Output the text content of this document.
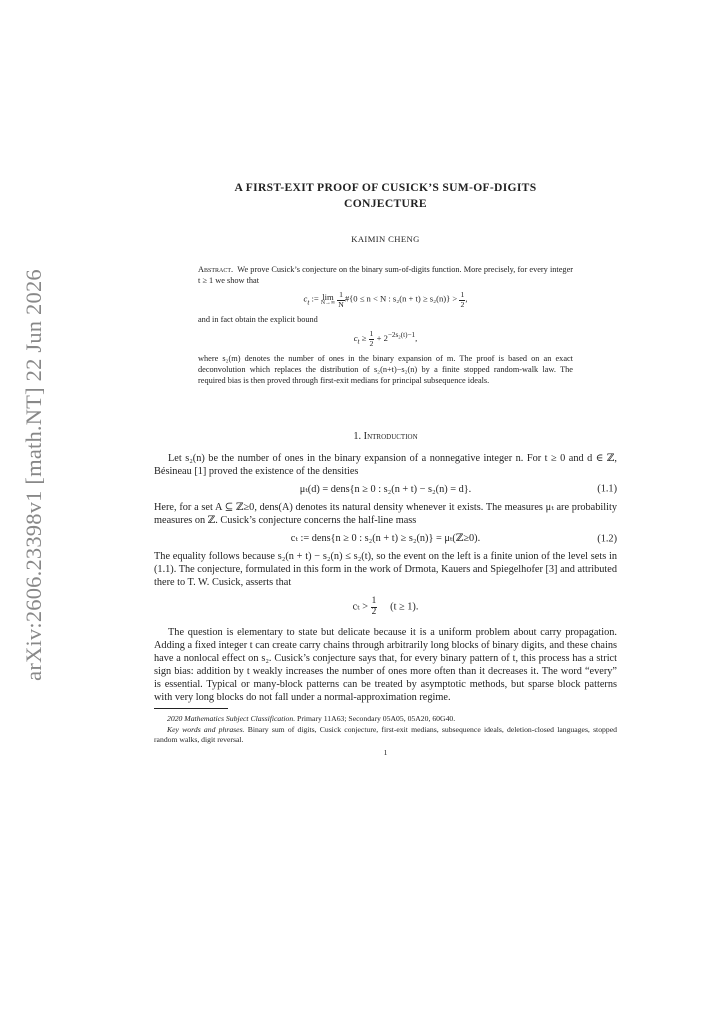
arXiv:2606.23398v1 [math.NT] 22 Jun 2026
A FIRST-EXIT PROOF OF CUSICK’S SUM-OF-DIGITS
CONJECTURE
KAIMIN CHENG
Abstract. We prove Cusick’s conjecture on the binary sum-of-digits function. More precisely, for every integer t ≥ 1 we show that
$c_t$ := lim
N→∞
$\frac{1}{N}$ #{0 ≤ n < N : $s_2(n + t) \ge s_2(n)\} > \frac{1}{2}$ ,
and in fact obtain the explicit bound
$c_t \ge \frac{1}{2} + 2^{-2s_2(t)-1}$,
where s₂(m) denotes the number of ones in the binary expansion of m. The proof is based on an exact deconvolution which replaces the distribution of s₂(n+t)−s₂(n) by a finite stopped random-walk law. The required bias is then proved through first-exit medians for principal subsequence ideals.
1. Introduction

Let s₂(n) be the number of ones in the binary expansion of a nonnegative integer n. For t ≥ 0 and d ∈ ℤ, Bésineau [1] proved the existence of the densities

μₜ(d) = dens{n ≥ 0 : s₂(n + t) − s₂(n) = d}.	(1.1)

Here, for a set A ⊆ ℤ≥0, dens(A) denotes its natural density whenever it exists. The measures μₜ are probability measures on ℤ. Cusick’s conjecture concerns the half-line mass

cₜ := dens{n ≥ 0 : s₂(n + t) ≥ s₂(n)} = μₜ(ℤ≥0).	(1.2)

The equality follows because s₂(n + t) − s₂(n) ≤ s₂(t), so the event on the left is a finite union of the level sets in (1.1). The conjecture, formulated in this form in the work of Drmota, Kauers and Spiegelhofer [3] and attributed there to T. W. Cusick, asserts that

$c_t > \frac{1}{2} (t \ge 1)$.

The question is elementary to state but delicate because it is a uniform problem about carry propagation. Adding a fixed integer t can create carry chains through arbitrarily long blocks of binary digits, and these chains have a nonlocal effect on s₂. Cusick’s conjecture says that, for every binary pattern of t, this process has a strict sign bias: addition by t weakly increases the number of ones more often than it decreases it. The word “every” is essential. Typical or many-block patterns can be treated by asymptotic methods, but sparse block patterns with very long blocks do not fall under a normal-approximation regime.

2020 Mathematics Subject Classification. Primary 11A63; Secondary 05A05, 05A20, 60G40.

Key words and phrases. Binary sum of digits, Cusick conjecture, first-exit medians, subsequence ideals, deletion-closed languages, stopped random walks, digit reversal.

1
